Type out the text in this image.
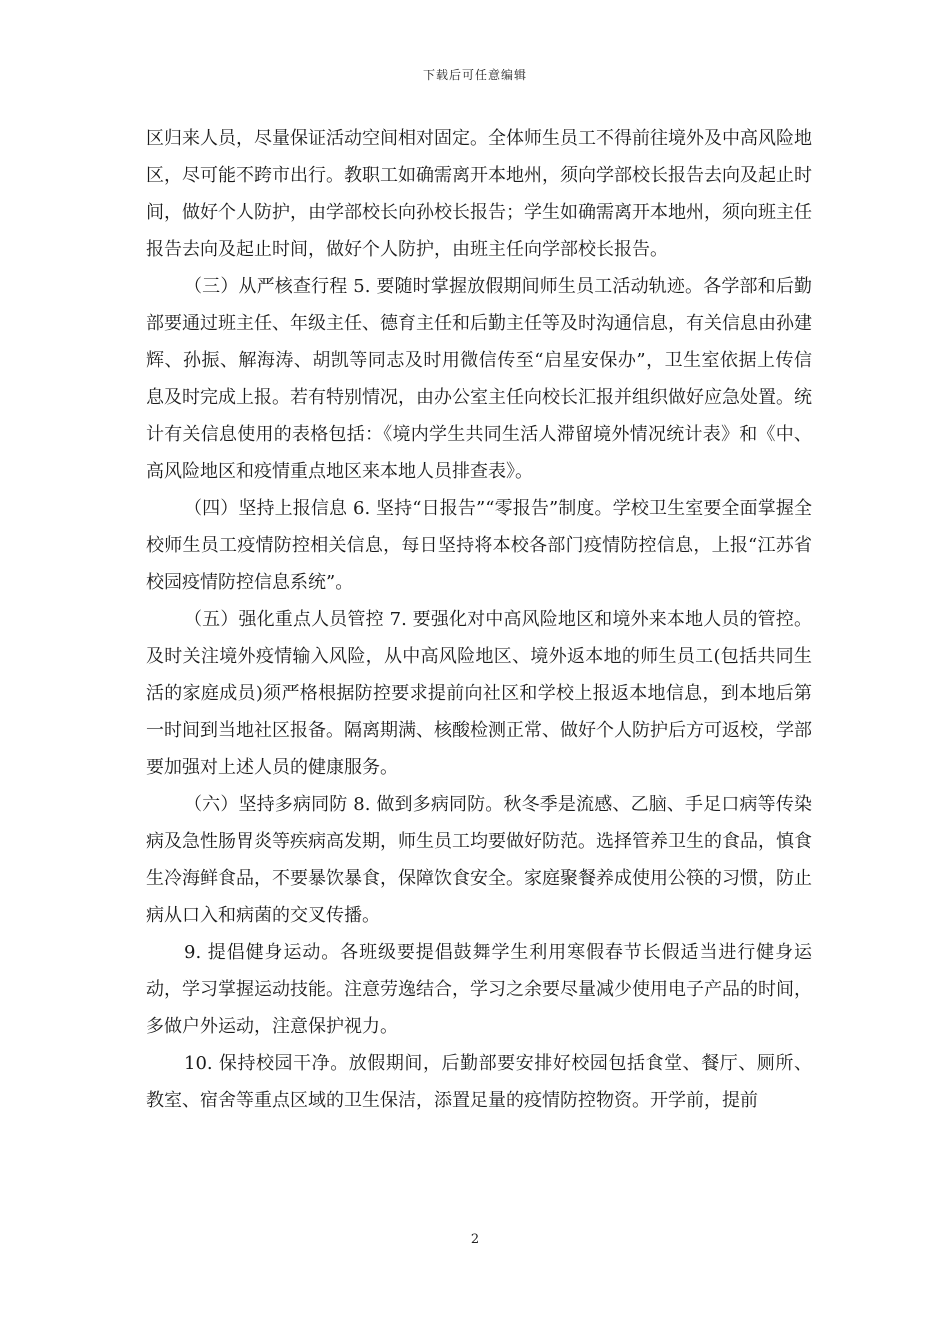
下载后可任意编辑

区归来人员，尽量保证活动空间相对固定。全体师生员工不得前往境外及中高风险地区，尽可能不跨市出行。教职工如确需离开本地州，须向学部校长报告去向及起止时间，做好个人防护，由学部校长向孙校长报告；学生如确需离开本地州，须向班主任报告去向及起止时间，做好个人防护，由班主任向学部校长报告。

（三）从严核查行程 5. 要随时掌握放假期间师生员工活动轨迹。各学部和后勤部要通过班主任、年级主任、德育主任和后勤主任等及时沟通信息，有关信息由孙建辉、孙振、解海涛、胡凯等同志及时用微信传至“启星安保办”，卫生室依据上传信息及时完成上报。若有特别情况，由办公室主任向校长汇报并组织做好应急处置。统计有关信息使用的表格包括：《境内学生共同生活人滞留境外情况统计表》和《中、高风险地区和疫情重点地区来本地人员排查表》。

（四）坚持上报信息 6. 坚持“日报告”“零报告”制度。学校卫生室要全面掌握全校师生员工疫情防控相关信息，每日坚持将本校各部门疫情防控信息，上报“江苏省校园疫情防控信息系统”。

（五）强化重点人员管控 7. 要强化对中高风险地区和境外来本地人员的管控。及时关注境外疫情输入风险，从中高风险地区、境外返本地的师生员工(包括共同生活的家庭成员)须严格根据防控要求提前向社区和学校上报返本地信息，到本地后第一时间到当地社区报备。隔离期满、核酸检测正常、做好个人防护后方可返校，学部要加强对上述人员的健康服务。

（六）坚持多病同防 8. 做到多病同防。秋冬季是流感、乙脑、手足口病等传染病及急性肠胃炎等疾病高发期，师生员工均要做好防范。选择管养卫生的食品，慎食生冷海鲜食品，不要暴饮暴食，保障饮食安全。家庭聚餐养成使用公筷的习惯，防止病从口入和病菌的交叉传播。

9. 提倡健身运动。各班级要提倡鼓舞学生利用寒假春节长假适当进行健身运动，学习掌握运动技能。注意劳逸结合，学习之余要尽量减少使用电子产品的时间，多做户外运动，注意保护视力。

10. 保持校园干净。放假期间，后勤部要安排好校园包括食堂、餐厅、厕所、教室、宿舍等重点区域的卫生保洁，添置足量的疫情防控物资。开学前，提前

2
